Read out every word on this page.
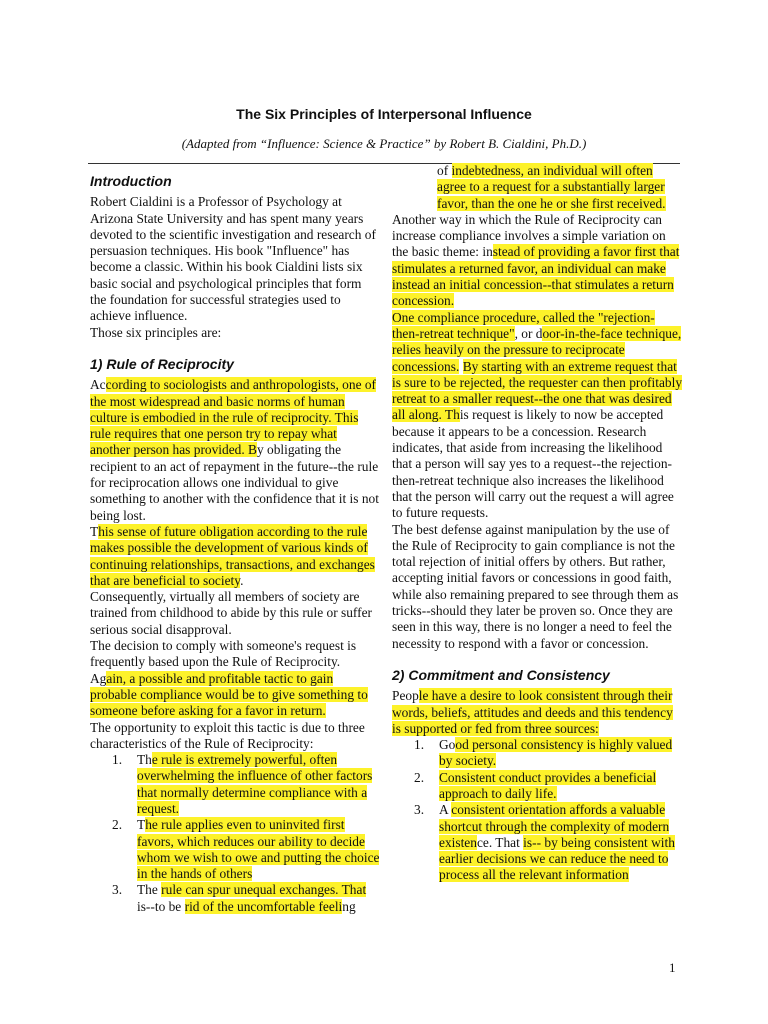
The Six Principles of Interpersonal Influence
(Adapted from “Influence: Science & Practice” by Robert B. Cialdini, Ph.D.)
Introduction

Robert Cialdini is a Professor of Psychology at Arizona State University and has spent many years devoted to the scientific investigation and research of persuasion techniques. His book "Influence" has become a classic. Within his book Cialdini lists six basic social and psychological principles that form the foundation for successful strategies used to achieve influence.

Those six principles are:

1) Rule of Reciprocity

According to sociologists and anthropologists, one of the most widespread and basic norms of human culture is embodied in the rule of reciprocity. This rule requires that one person try to repay what another person has provided. By obligating the recipient to an act of repayment in the future--the rule for reciprocation allows one individual to give something to another with the confidence that it is not being lost.

This sense of future obligation according to the rule makes possible the development of various kinds of continuing relationships, transactions, and exchanges that are beneficial to society.

Consequently, virtually all members of society are trained from childhood to abide by this rule or suffer serious social disapproval.

The decision to comply with someone's request is frequently based upon the Rule of Reciprocity.

Again, a possible and profitable tactic to gain probable compliance would be to give something to someone before asking for a favor in return.

The opportunity to exploit this tactic is due to three characteristics of the Rule of Reciprocity:

1. The rule is extremely powerful, often overwhelming the influence of other factors that normally determine compliance with a request.
2. The rule applies even to uninvited first favors, which reduces our ability to decide whom we wish to owe and putting the choice in the hands of others
3. The rule can spur unequal exchanges. That is--to be rid of the uncomfortable feeling

of indebtedness, an individual will often agree to a request for a substantially larger favor, than the one he or she first received.

Another way in which the Rule of Reciprocity can increase compliance involves a simple variation on the basic theme: instead of providing a favor first that stimulates a returned favor, an individual can make instead an initial concession--that stimulates a return concession.

One compliance procedure, called the "rejection-then-retreat technique", or door-in-the-face technique, relies heavily on the pressure to reciprocate concessions. By starting with an extreme request that is sure to be rejected, the requester can then profitably retreat to a smaller request--the one that was desired all along. This request is likely to now be accepted because it appears to be a concession. Research indicates, that aside from increasing the likelihood that a person will say yes to a request--the rejection-then-retreat technique also increases the likelihood that the person will carry out the request a will agree to future requests.

The best defense against manipulation by the use of the Rule of Reciprocity to gain compliance is not the total rejection of initial offers by others. But rather, accepting initial favors or concessions in good faith, while also remaining prepared to see through them as tricks--should they later be proven so. Once they are seen in this way, there is no longer a need to feel the necessity to respond with a favor or concession.

2) Commitment and Consistency

People have a desire to look consistent through their words, beliefs, attitudes and deeds and this tendency is supported or fed from three sources:

1. Good personal consistency is highly valued by society.
2. Consistent conduct provides a beneficial approach to daily life.
3. A consistent orientation affords a valuable shortcut through the complexity of modern existence. That is-- by being consistent with earlier decisions we can reduce the need to process all the relevant information
1
